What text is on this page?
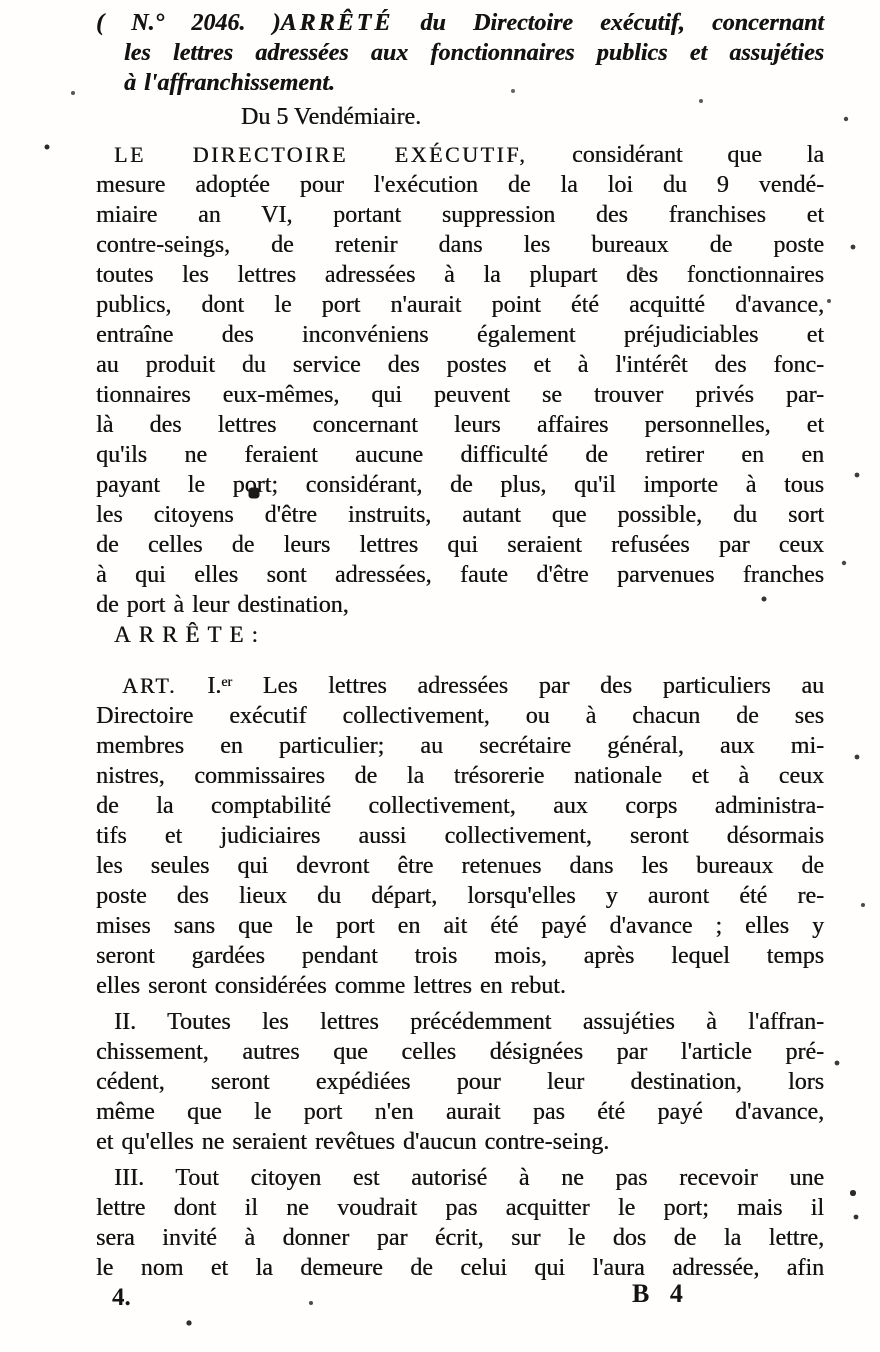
( N.° 2046. )ARRÊTÉ du Directoire exécutif, concernant
les lettres adressées aux fonctionnaires publics et assujéties
à l'affranchissement.
Du 5 Vendémiaire.
LE DIRECTOIRE EXÉCUTIF, considérant que la
mesure adoptée pour l'exécution de la loi du 9 vendé-
miaire an VI, portant suppression des franchises et
contre-seings, de retenir dans les bureaux de poste
toutes les lettres adressées à la plupart des fonctionnaires
publics, dont le port n'aurait point été acquitté d'avance,
entraîne des inconvéniens également préjudiciables et
au produit du service des postes et à l'intérêt des fonc-
tionnaires eux-mêmes, qui peuvent se trouver privés par-
là des lettres concernant leurs affaires personnelles, et
qu'ils ne feraient aucune difficulté de retirer en en
payant le port; considérant, de plus, qu'il importe à tous
les citoyens d'être instruits, autant que possible, du sort
de celles de leurs lettres qui seraient refusées par ceux
à qui elles sont adressées, faute d'être parvenues franches
de port à leur destination,
ARRÊTE:
ART. I.$^{er}$ Les lettres adressées par des particuliers au
Directoire exécutif collectivement, ou à chacun de ses
membres en particulier; au secrétaire général, aux mi-
nistres, commissaires de la trésorerie nationale et à ceux
de la comptabilité collectivement, aux corps administra-
tifs et judiciaires aussi collectivement, seront désormais
les seules qui devront être retenues dans les bureaux de
poste des lieux du départ, lorsqu'elles y auront été re-
mises sans que le port en ait été payé d'avance ; elles y
seront gardées pendant trois mois, après lequel temps
elles seront considérées comme lettres en rebut.
II. Toutes les lettres précédemment assujéties à l'affran-
chissement, autres que celles désignées par l'article pré-
cédent, seront expédiées pour leur destination, lors
même que le port n'en aurait pas été payé d'avance,
et qu'elles ne seraient revêtues d'aucun contre-seing.
III. Tout citoyen est autorisé à ne pas recevoir une
lettre dont il ne voudrait pas acquitter le port; mais il
sera invité à donner par écrit, sur le dos de la lettre,
le nom et la demeure de celui qui l'aura adressée, afin
4.	B 4
